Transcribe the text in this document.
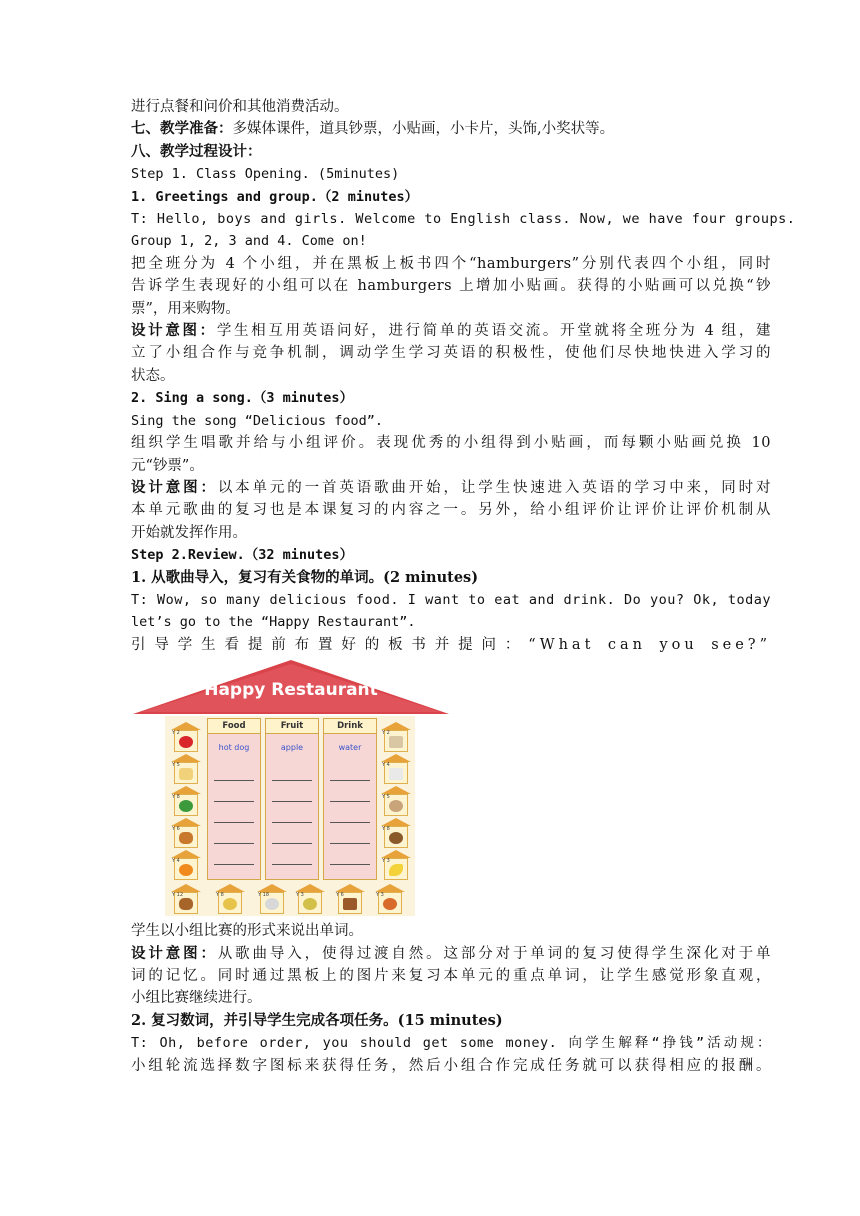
进行点餐和问价和其他消费活动。
七、教学准备：多媒体课件，道具钞票，小贴画，小卡片，头饰,小奖状等。
八、教学过程设计：
Step 1. Class Opening. (5minutes)
1. Greetings and group.（2 minutes）
T: Hello, boys and girls. Welcome to English class. Now, we have four groups.
Group 1, 2, 3 and 4. Come on!
把全班分为 4 个小组，并在黑板上板书四个“hamburgers”分别代表四个小组，同时
告诉学生表现好的小组可以在 hamburgers 上增加小贴画。获得的小贴画可以兑换“钞
票”，用来购物。
设计意图：学生相互用英语问好，进行简单的英语交流。开堂就将全班分为 4 组，建
立了小组合作与竞争机制，调动学生学习英语的积极性，使他们尽快地快进入学习的
状态。
2. Sing a song.（3 minutes）
Sing the song “Delicious food”.
组织学生唱歌并给与小组评价。表现优秀的小组得到小贴画，而每颗小贴画兑换 10
元“钞票”。
设计意图：以本单元的一首英语歌曲开始，让学生快速进入英语的学习中来，同时对
本单元歌曲的复习也是本课复习的内容之一。另外，给小组评价让评价让评价机制从
开始就发挥作用。
Step 2.Review.（32 minutes）
1. 从歌曲导入，复习有关食物的单词。(2 minutes)
T: Wow, so many delicious food. I want to eat and drink. Do you? Ok, today
let’s go to the “Happy Restaurant”.
引导学生看提前布置好的板书并提问：“What can you see?”
Happy Restaurant
Food
hot dog
Fruit
apple
Drink
water
Y 2
Y 5
Y 8
Y 6
Y 4
Y 2
Y 4
Y 5
Y 8
Y 3
Y 12	Y 8	Y 18	Y 3	Y 6	Y 3
学生以小组比赛的形式来说出单词。
设计意图：从歌曲导入，使得过渡自然。这部分对于单词的复习使得学生深化对于单
词的记忆。同时通过黑板上的图片来复习本单元的重点单词，让学生感觉形象直观，
小组比赛继续进行。
2. 复习数词，并引导学生完成各项任务。(15 minutes)
T: Oh, before order, you should get some money. 向学生解释“挣钱”活动规：
小组轮流选择数字图标来获得任务，然后小组合作完成任务就可以获得相应的报酬。
